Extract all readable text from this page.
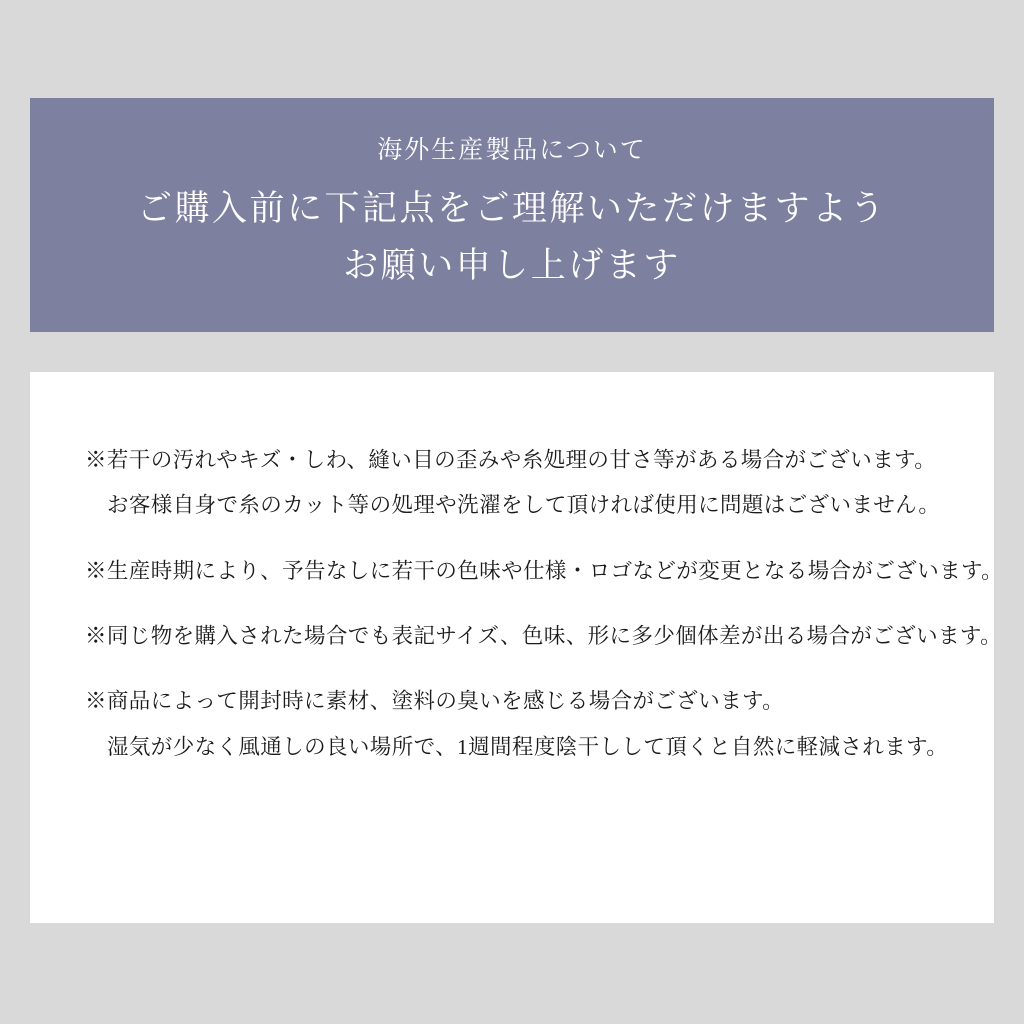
海外生産製品について
ご購入前に下記点をご理解いただけますよう
お願い申し上げます
※若干の汚れやキズ・しわ、縫い目の歪みや糸処理の甘さ等がある場合がございます。
お客様自身で糸のカット等の処理や洗濯をして頂ければ使用に問題はございません。
※生産時期により、予告なしに若干の色味や仕様・ロゴなどが変更となる場合がございます。
※同じ物を購入された場合でも表記サイズ、色味、形に多少個体差が出る場合がございます。
※商品によって開封時に素材、塗料の臭いを感じる場合がございます。
湿気が少なく風通しの良い場所で、1週間程度陰干しして頂くと自然に軽減されます。
